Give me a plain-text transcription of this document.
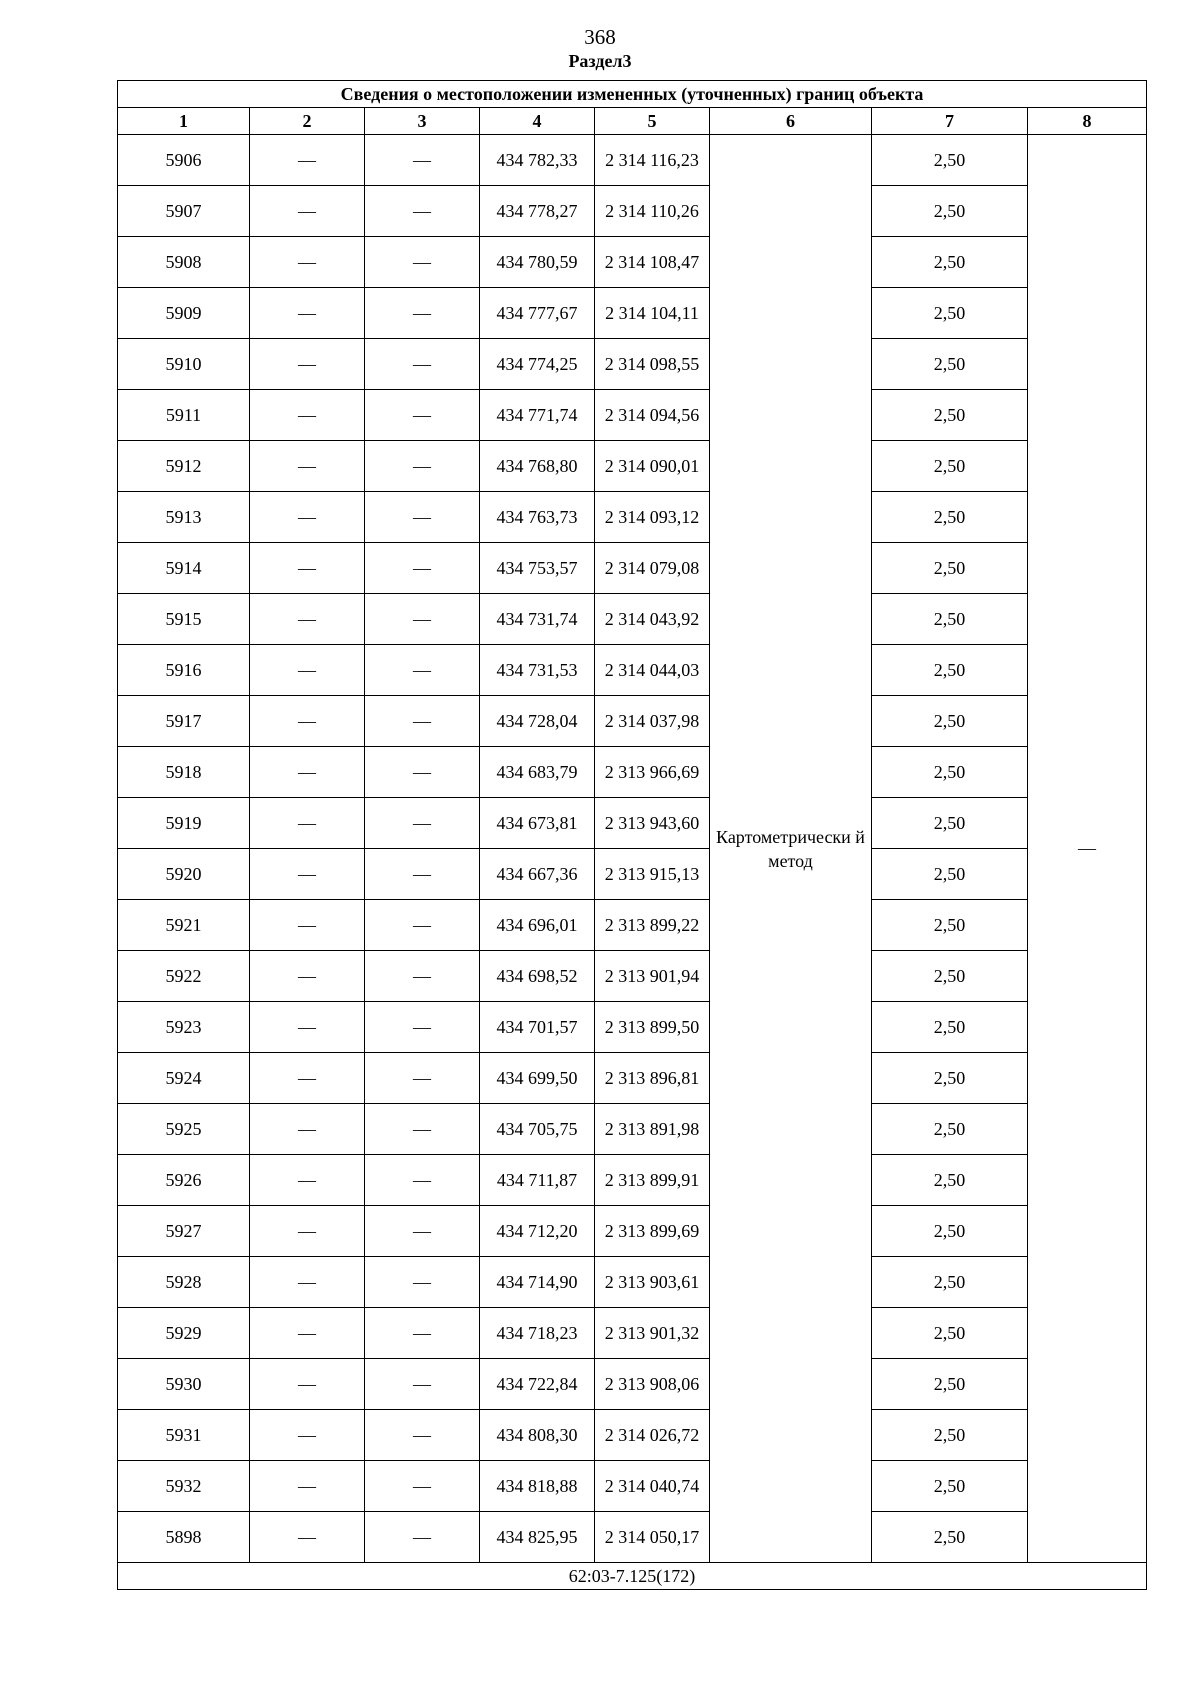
368
Раздел3
Сведения о местоположении измененных (уточненных) границ объекта							
1	2	3	4	5	6	7	8
5906	—	—	434 782,33	2 314 116,23	Картометрически й метод	2,50	—
5907	—	—	434 778,27	2 314 110,26		2,50	
5908	—	—	434 780,59	2 314 108,47		2,50	
5909	—	—	434 777,67	2 314 104,11		2,50	
5910	—	—	434 774,25	2 314 098,55		2,50	
5911	—	—	434 771,74	2 314 094,56		2,50	
5912	—	—	434 768,80	2 314 090,01		2,50	
5913	—	—	434 763,73	2 314 093,12		2,50	
5914	—	—	434 753,57	2 314 079,08		2,50	
5915	—	—	434 731,74	2 314 043,92		2,50	
5916	—	—	434 731,53	2 314 044,03		2,50	
5917	—	—	434 728,04	2 314 037,98		2,50	
5918	—	—	434 683,79	2 313 966,69		2,50	
5919	—	—	434 673,81	2 313 943,60		2,50	
5920	—	—	434 667,36	2 313 915,13		2,50	
5921	—	—	434 696,01	2 313 899,22		2,50	
5922	—	—	434 698,52	2 313 901,94		2,50	
5923	—	—	434 701,57	2 313 899,50		2,50	
5924	—	—	434 699,50	2 313 896,81		2,50	
5925	—	—	434 705,75	2 313 891,98		2,50	
5926	—	—	434 711,87	2 313 899,91		2,50	
5927	—	—	434 712,20	2 313 899,69		2,50	
5928	—	—	434 714,90	2 313 903,61		2,50	
5929	—	—	434 718,23	2 313 901,32		2,50	
5930	—	—	434 722,84	2 313 908,06		2,50	
5931	—	—	434 808,30	2 314 026,72		2,50	
5932	—	—	434 818,88	2 314 040,74		2,50	
5898	—	—	434 825,95	2 314 050,17		2,50	
62:03-7.125(172)							
